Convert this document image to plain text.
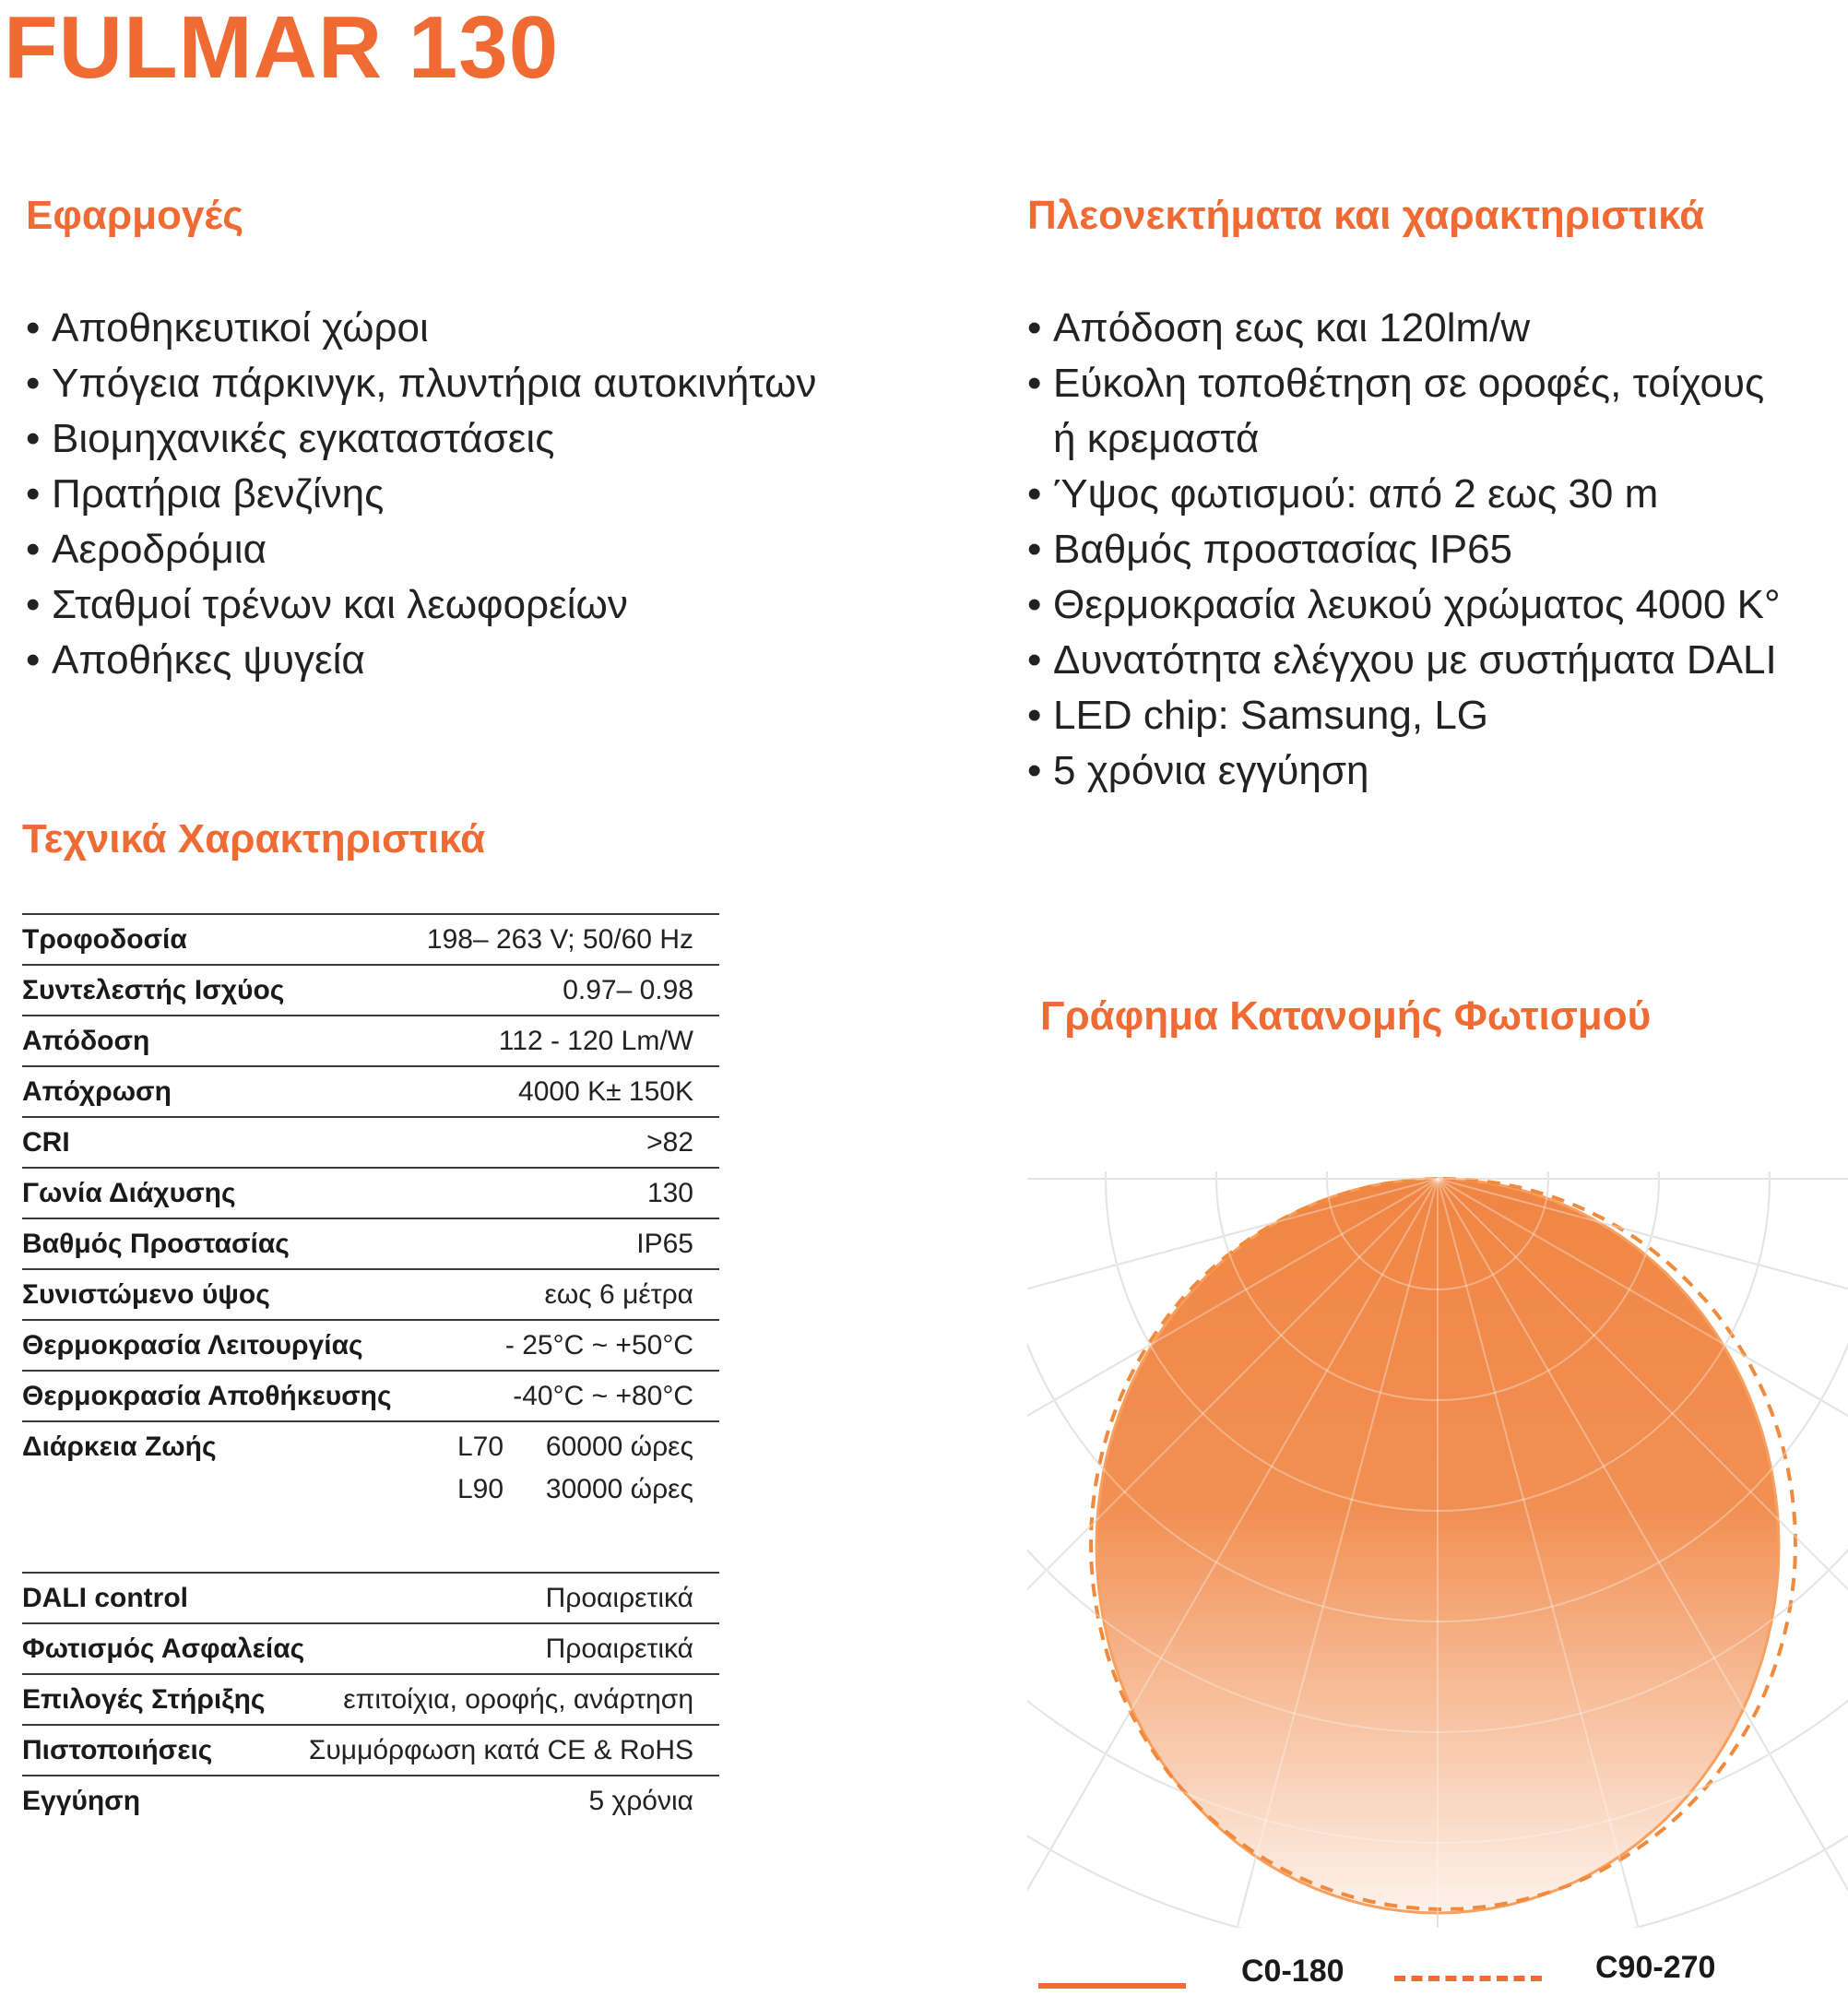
FULMAR 130
Εφαρμογές
• Αποθηκευτικοί χώροι
• Υπόγεια πάρκινγκ, πλυντήρια αυτοκινήτων
• Βιομηχανικές εγκαταστάσεις
• Πρατήρια βενζίνης
• Αεροδρόμια
• Σταθμοί τρένων και λεωφορείων
• Αποθήκες ψυγεία
Πλεονεκτήματα και χαρακτηριστικά
• Απόδοση εως και 120lm/w
• Εύκολη τοποθέτηση σε οροφές, τοίχους
ή κρεμαστά
• Ύψος φωτισμού: από 2 εως 30 m
• Βαθμός προστασίας IP65
• Θερμοκρασία λευκού χρώματος 4000 K°
• Δυνατότητα ελέγχου με συστήματα DALI
• LED chip: Samsung, LG
• 5 χρόνια εγγύηση
Τεχνικά Χαρακτηριστικά
Τροφοδοσία	198– 263 V; 50/60 Hz
Συντελεστής Ισχύος	0.97– 0.98
Απόδοση	112 - 120 Lm/W
Απόχρωση	4000 K± 150K
CRI	>82
Γωνία Διάχυσης	130
Βαθμός Προστασίας	IP65
Συνιστώμενο ύψος	εως 6 μέτρα
Θερμοκρασία Λειτουργίας	- 25°C ~ +50°C
Θερμοκρασία Αποθήκευσης	-40°C ~ +80°C
Διάρκεια Ζωής	L70 60000 ώρες
L90 30000 ώρες
DALI control	Προαιρετικά
Φωτισμός Ασφαλείας	Προαιρετικά
Επιλογές Στήριξης	επιτοίχια, οροφής, ανάρτηση
Πιστοποιήσεις	Συμμόρφωση κατά CE & RoHS
Εγγύηση	5 χρόνια
Γράφημα Κατανομής Φωτισμού
C0-180	C90-270
